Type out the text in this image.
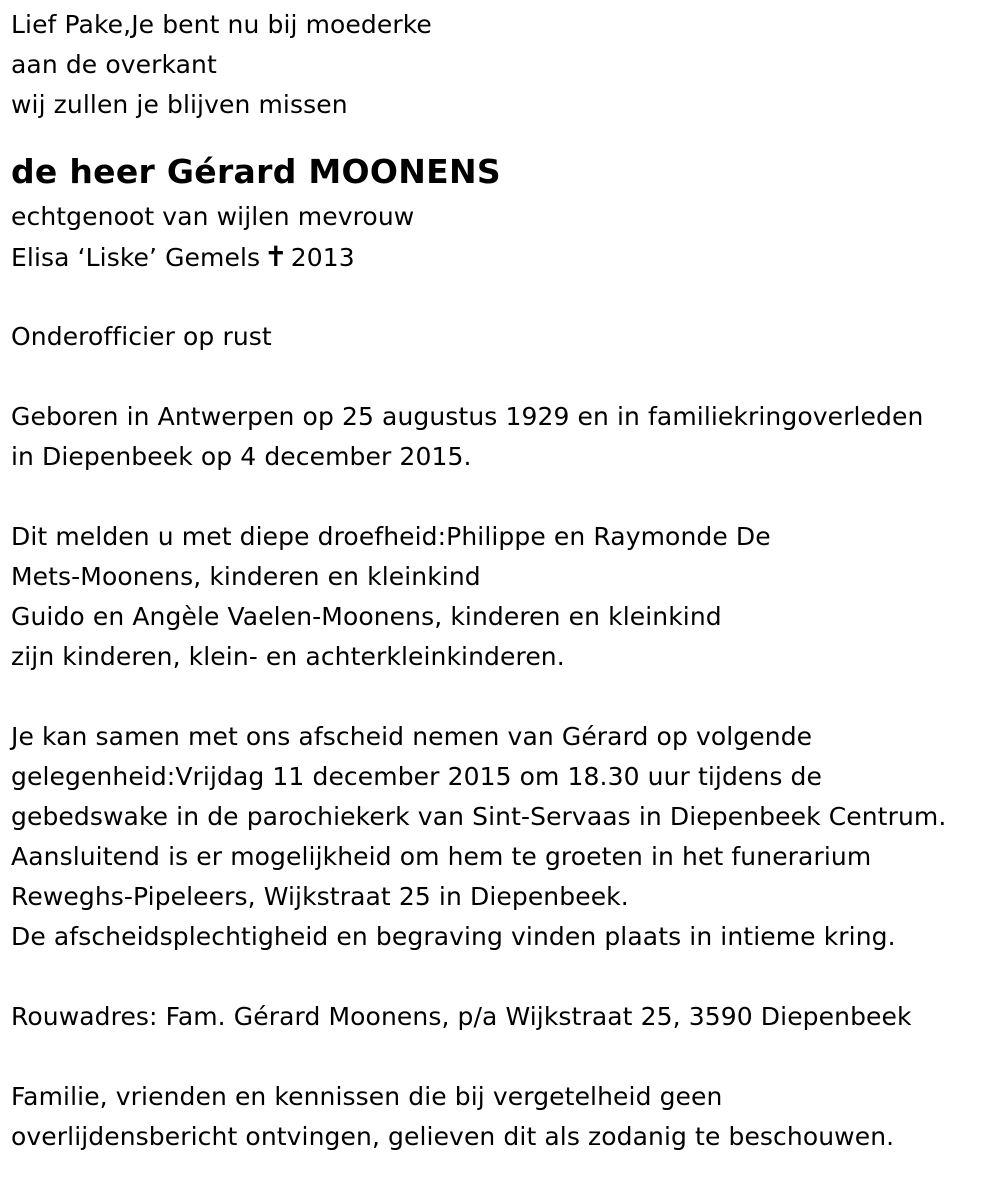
Lief Pake,Je bent nu bij moederke
aan de overkant
wij zullen je blijven missen
de heer Gérard MOONENS
echtgenoot van wijlen mevrouw
Elisa ‘Liske’ Gemels ✝ 2013
Onderofficier op rust
Geboren in Antwerpen op 25 augustus 1929 en in familiekringoverleden
in Diepenbeek op 4 december 2015.
Dit melden u met diepe droefheid:Philippe en Raymonde De
Mets-Moonens, kinderen en kleinkind
Guido en Angèle Vaelen-Moonens, kinderen en kleinkind
zijn kinderen, klein- en achterkleinkinderen.
Je kan samen met ons afscheid nemen van Gérard op volgende
gelegenheid:Vrijdag 11 december 2015 om 18.30 uur tijdens de
gebedswake in de parochiekerk van Sint-Servaas in Diepenbeek Centrum.
Aansluitend is er mogelijkheid om hem te groeten in het funerarium
Reweghs-Pipeleers, Wijkstraat 25 in Diepenbeek.
De afscheidsplechtigheid en begraving vinden plaats in intieme kring.
Rouwadres: Fam. Gérard Moonens, p/a Wijkstraat 25, 3590 Diepenbeek
Familie, vrienden en kennissen die bij vergetelheid geen
overlijdensbericht ontvingen, gelieven dit als zodanig te beschouwen.
